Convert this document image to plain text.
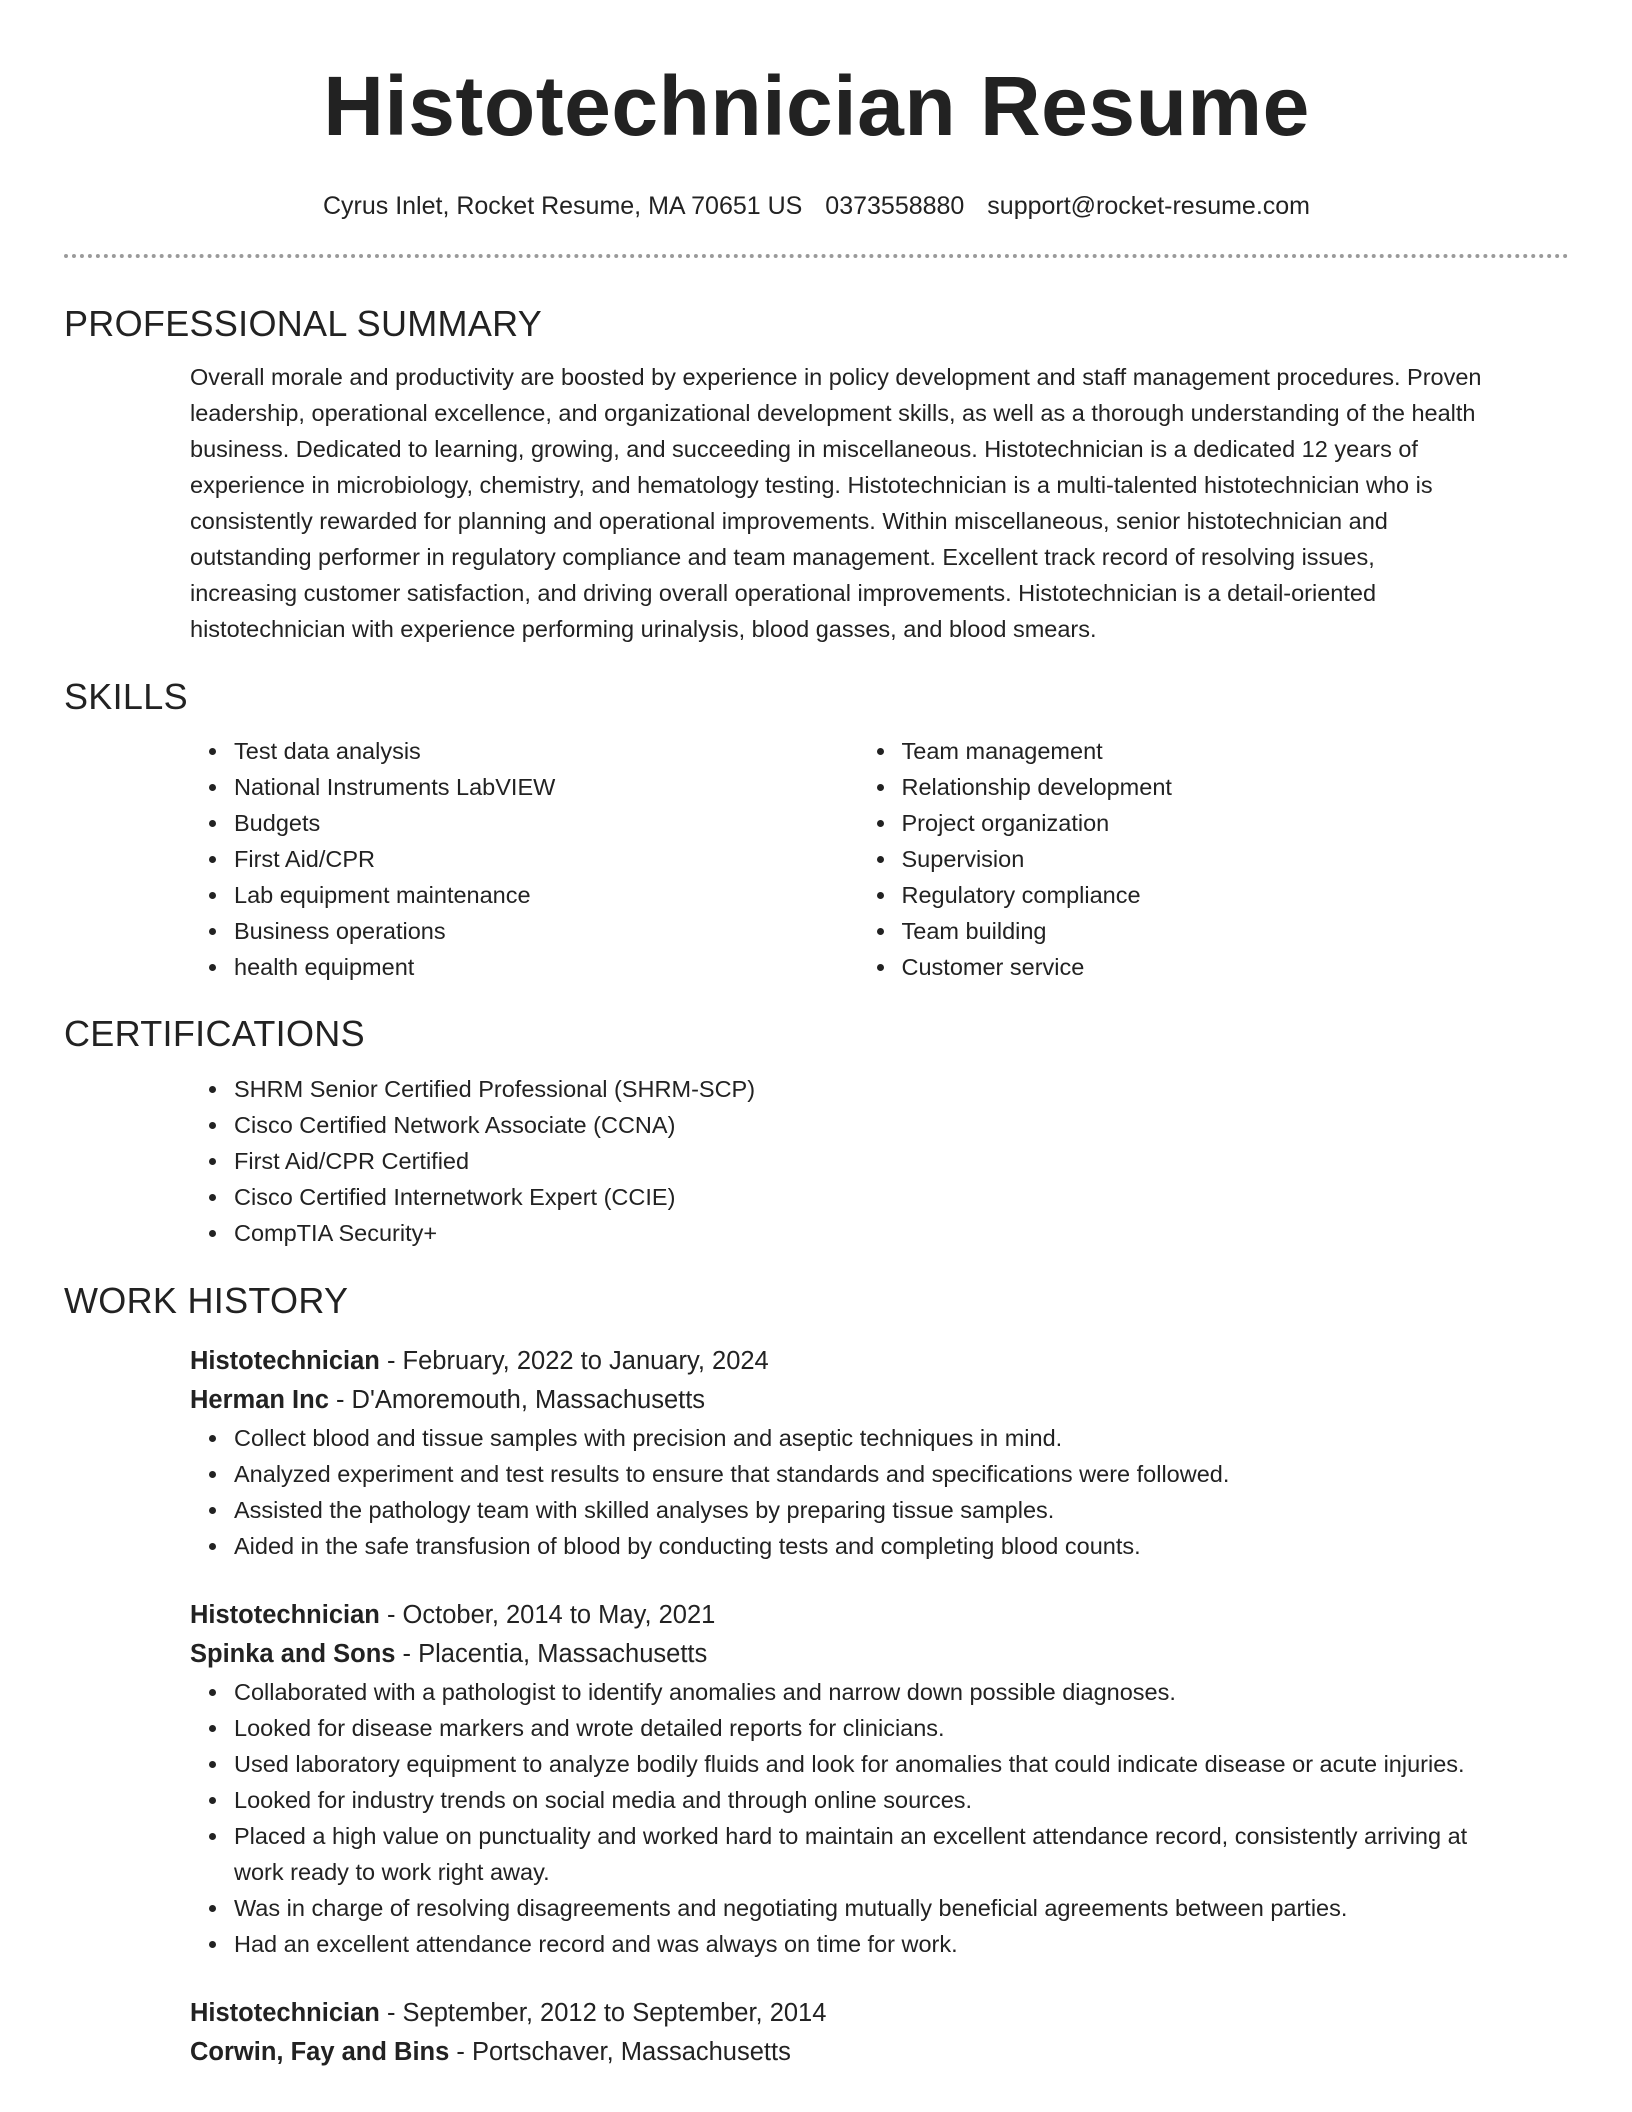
Histotechnician Resume
Cyrus Inlet, Rocket Resume, MA 70651 US 0373558880 support@rocket-resume.com
PROFESSIONAL SUMMARY
Overall morale and productivity are boosted by experience in policy development and staff management procedures. Proven
leadership, operational excellence, and organizational development skills, as well as a thorough understanding of the health
business. Dedicated to learning, growing, and succeeding in miscellaneous. Histotechnician is a dedicated 12 years of
experience in microbiology, chemistry, and hematology testing. Histotechnician is a multi-talented histotechnician who is
consistently rewarded for planning and operational improvements. Within miscellaneous, senior histotechnician and
outstanding performer in regulatory compliance and team management. Excellent track record of resolving issues,
increasing customer satisfaction, and driving overall operational improvements. Histotechnician is a detail-oriented
histotechnician with experience performing urinalysis, blood gasses, and blood smears.
SKILLS
Test data analysis
National Instruments LabVIEW
Budgets
First Aid/CPR
Lab equipment maintenance
Business operations
health equipment
Team management
Relationship development
Project organization
Supervision
Regulatory compliance
Team building
Customer service
CERTIFICATIONS
SHRM Senior Certified Professional (SHRM-SCP)
Cisco Certified Network Associate (CCNA)
First Aid/CPR Certified
Cisco Certified Internetwork Expert (CCIE)
CompTIA Security+
WORK HISTORY
Histotechnician - February, 2022 to January, 2024
Herman Inc - D'Amoremouth, Massachusetts
Collect blood and tissue samples with precision and aseptic techniques in mind.
Analyzed experiment and test results to ensure that standards and specifications were followed.
Assisted the pathology team with skilled analyses by preparing tissue samples.
Aided in the safe transfusion of blood by conducting tests and completing blood counts.
Histotechnician - October, 2014 to May, 2021
Spinka and Sons - Placentia, Massachusetts
Collaborated with a pathologist to identify anomalies and narrow down possible diagnoses.
Looked for disease markers and wrote detailed reports for clinicians.
Used laboratory equipment to analyze bodily fluids and look for anomalies that could indicate disease or acute injuries.
Looked for industry trends on social media and through online sources.
Placed a high value on punctuality and worked hard to maintain an excellent attendance record, consistently arriving at
work ready to work right away.
Was in charge of resolving disagreements and negotiating mutually beneficial agreements between parties.
Had an excellent attendance record and was always on time for work.
Histotechnician - September, 2012 to September, 2014
Corwin, Fay and Bins - Portschaver, Massachusetts
